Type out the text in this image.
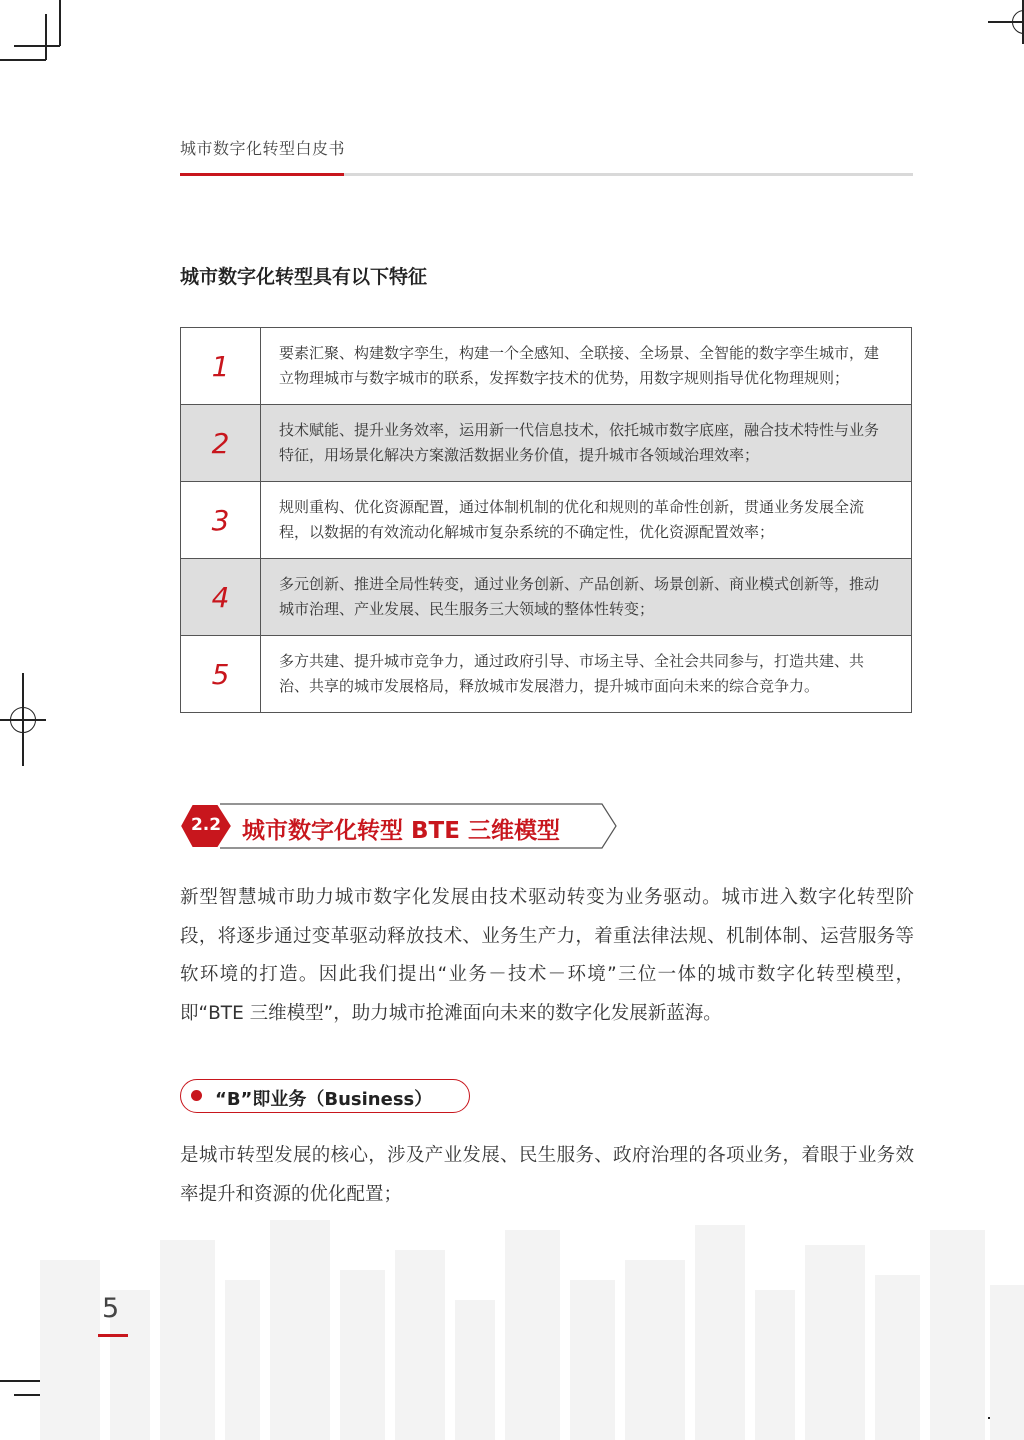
城市数字化转型白皮书
城市数字化转型具有以下特征
1	要素汇聚、构建数字孪生，构建一个全感知、全联接、全场景、全智能的数字孪生城市，建立物理城市与数字城市的联系，发挥数字技术的优势，用数字规则指导优化物理规则；
2	技术赋能、提升业务效率，运用新一代信息技术，依托城市数字底座，融合技术特性与业务特征，用场景化解决方案激活数据业务价值，提升城市各领域治理效率；
3	规则重构、优化资源配置，通过体制机制的优化和规则的革命性创新，贯通业务发展全流程，以数据的有效流动化解城市复杂系统的不确定性，优化资源配置效率；
4	多元创新、推进全局性转变，通过业务创新、产品创新、场景创新、商业模式创新等，推动城市治理、产业发展、民生服务三大领域的整体性转变；
5	多方共建、提升城市竞争力，通过政府引导、市场主导、全社会共同参与，打造共建、共治、共享的城市发展格局，释放城市发展潜力，提升城市面向未来的综合竞争力。
2.2 城市数字化转型 BTE 三维模型
新型智慧城市助力城市数字化发展由技术驱动转变为业务驱动。城市进入数字化转型阶段，将逐步通过变革驱动释放技术、业务生产力，着重法律法规、机制体制、运营服务等软环境的打造。因此我们提出“业务－技术－环境”三位一体的城市数字化转型模型，即“BTE 三维模型”，助力城市抢滩面向未来的数字化发展新蓝海。
“B”即业务（Business）
是城市转型发展的核心，涉及产业发展、民生服务、政府治理的各项业务，着眼于业务效率提升和资源的优化配置；
5
